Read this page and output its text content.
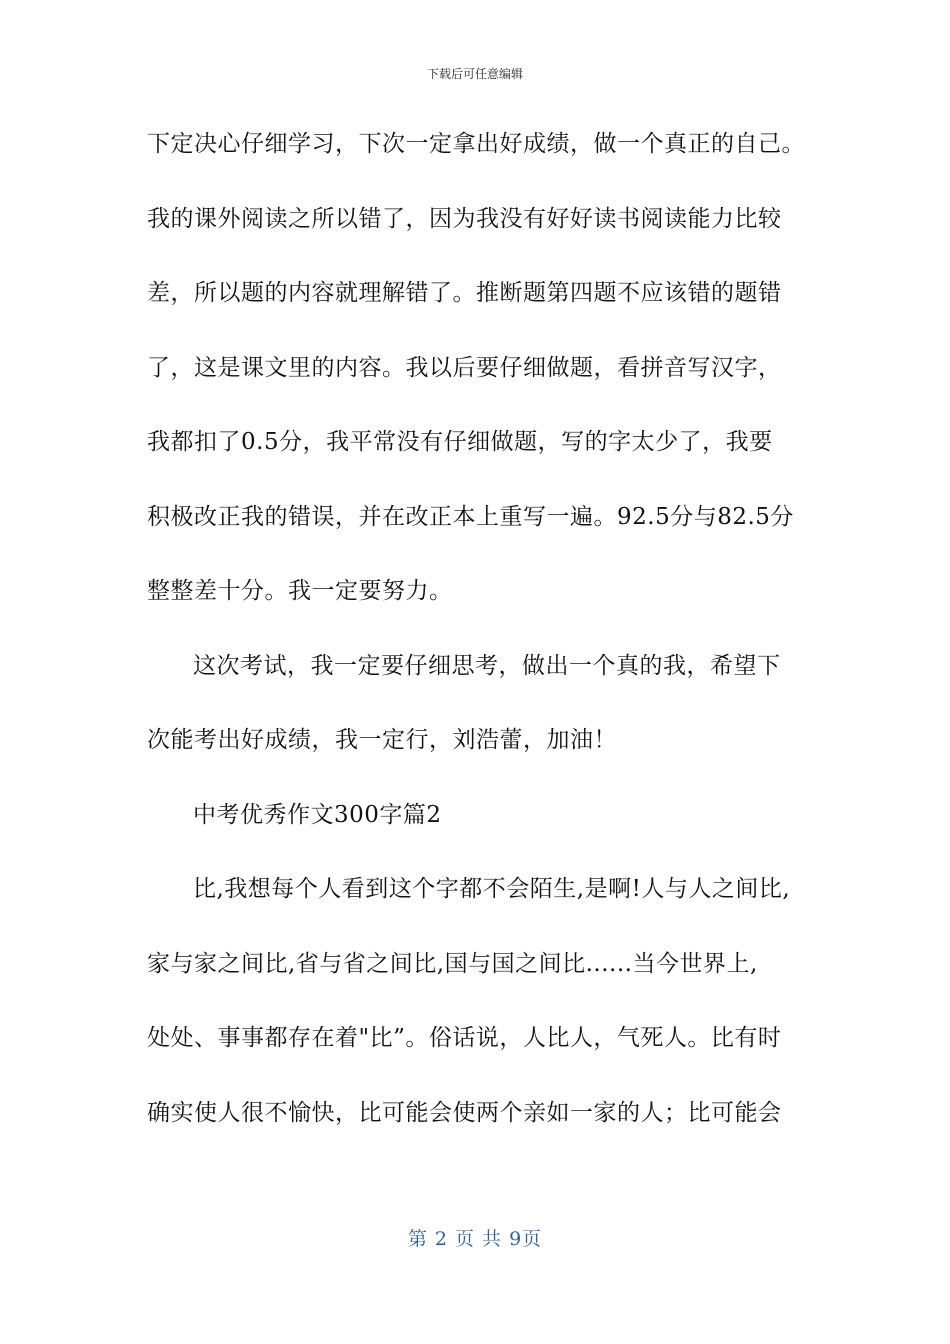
下载后可任意编辑
下定决心仔细学习，下次一定拿出好成绩，做一个真正的自己。
我的课外阅读之所以错了，因为我没有好好读书阅读能力比较
差，所以题的内容就理解错了。推断题第四题不应该错的题错
了，这是课文里的内容。我以后要仔细做题，看拼音写汉字，
我都扣了0.5分，我平常没有仔细做题，写的字太少了，我要
积极改正我的错误，并在改正本上重写一遍。92.5分与82.5分
整整差十分。我一定要努力。
这次考试，我一定要仔细思考，做出一个真的我，希望下
次能考出好成绩，我一定行，刘浩蕾，加油！
中考优秀作文300字篇2
比,我想每个人看到这个字都不会陌生,是啊!人与人之间比,
家与家之间比,省与省之间比,国与国之间比......当今世界上,
处处、事事都存在着"比”。俗话说，人比人，气死人。比有时
确实使人很不愉快，比可能会使两个亲如一家的人；比可能会
第 2 页 共 9页
